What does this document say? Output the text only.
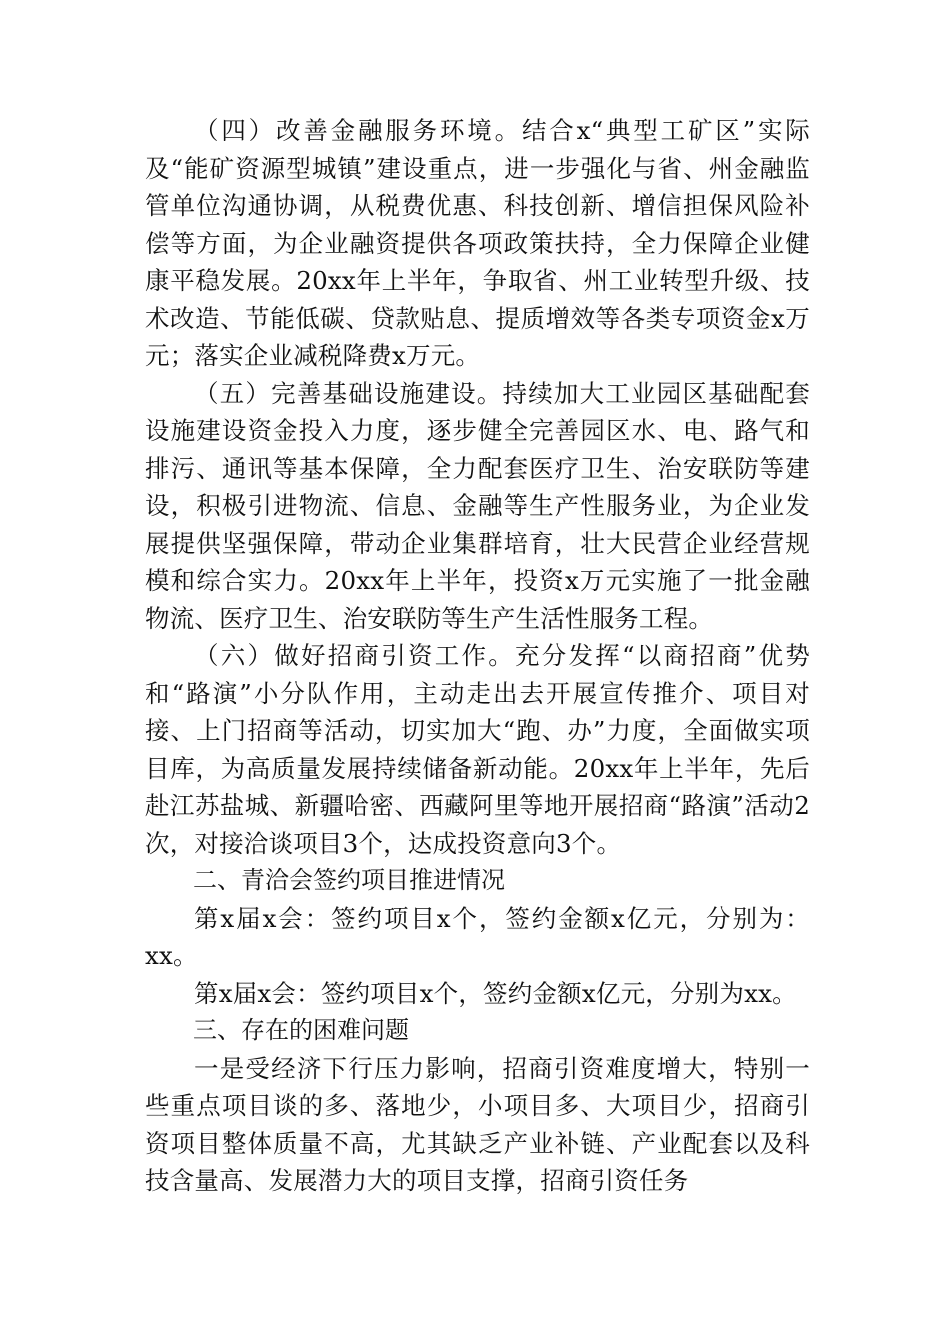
（四）改善金融服务环境。结合x“典型工矿区”实际及“能矿资源型城镇”建设重点，进一步强化与省、州金融监管单位沟通协调，从税费优惠、科技创新、增信担保风险补偿等方面，为企业融资提供各项政策扶持，全力保障企业健康平稳发展。20xx年上半年，争取省、州工业转型升级、技术改造、节能低碳、贷款贴息、提质增效等各类专项资金x万元；落实企业减税降费x万元。

（五）完善基础设施建设。持续加大工业园区基础配套设施建设资金投入力度，逐步健全完善园区水、电、路气和排污、通讯等基本保障，全力配套医疗卫生、治安联防等建设，积极引进物流、信息、金融等生产性服务业，为企业发展提供坚强保障，带动企业集群培育，壮大民营企业经营规模和综合实力。20xx年上半年，投资x万元实施了一批金融物流、医疗卫生、治安联防等生产生活性服务工程。

（六）做好招商引资工作。充分发挥“以商招商”优势和“路演”小分队作用，主动走出去开展宣传推介、项目对接、上门招商等活动，切实加大“跑、办”力度，全面做实项目库，为高质量发展持续储备新动能。20xx年上半年，先后赴江苏盐城、新疆哈密、西藏阿里等地开展招商“路演”活动2次，对接洽谈项目3个，达成投资意向3个。

二、青洽会签约项目推进情况

第x届x会：签约项目x个，签约金额x亿元，分别为：xx。

第x届x会：签约项目x个，签约金额x亿元，分别为xx。

三、存在的困难问题

一是受经济下行压力影响，招商引资难度增大，特别一些重点项目谈的多、落地少，小项目多、大项目少，招商引资项目整体质量不高，尤其缺乏产业补链、产业配套以及科技含量高、发展潜力大的项目支撑，招商引资任务
